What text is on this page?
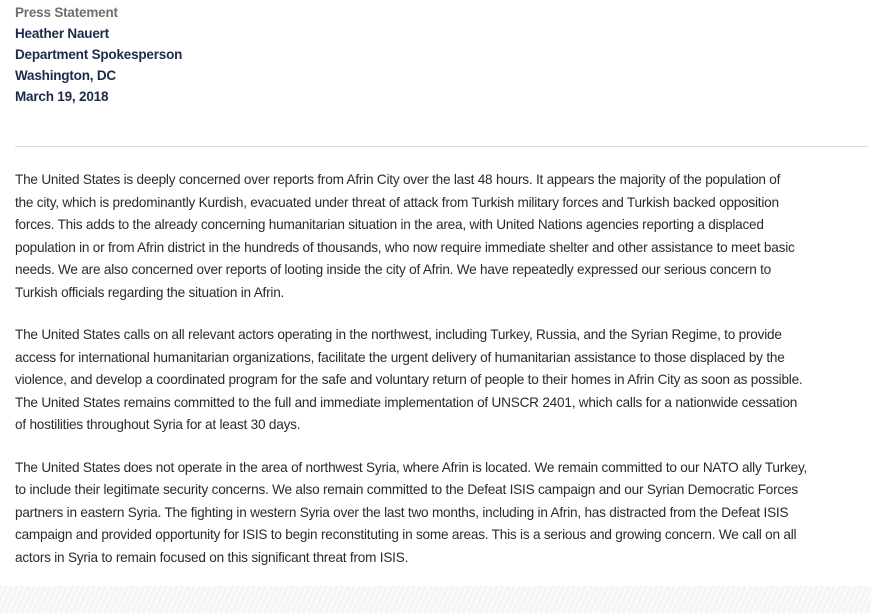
Press Statement
Heather Nauert
Department Spokesperson
Washington, DC
March 19, 2018

The United States is deeply concerned over reports from Afrin City over the last 48 hours. It appears the majority of the population of
the city, which is predominantly Kurdish, evacuated under threat of attack from Turkish military forces and Turkish backed opposition
forces. This adds to the already concerning humanitarian situation in the area, with United Nations agencies reporting a displaced
population in or from Afrin district in the hundreds of thousands, who now require immediate shelter and other assistance to meet basic
needs. We are also concerned over reports of looting inside the city of Afrin. We have repeatedly expressed our serious concern to
Turkish officials regarding the situation in Afrin.

The United States calls on all relevant actors operating in the northwest, including Turkey, Russia, and the Syrian Regime, to provide
access for international humanitarian organizations, facilitate the urgent delivery of humanitarian assistance to those displaced by the
violence, and develop a coordinated program for the safe and voluntary return of people to their homes in Afrin City as soon as possible.
The United States remains committed to the full and immediate implementation of UNSCR 2401, which calls for a nationwide cessation
of hostilities throughout Syria for at least 30 days.

The United States does not operate in the area of northwest Syria, where Afrin is located. We remain committed to our NATO ally Turkey,
to include their legitimate security concerns. We also remain committed to the Defeat ISIS campaign and our Syrian Democratic Forces
partners in eastern Syria. The fighting in western Syria over the last two months, including in Afrin, has distracted from the Defeat ISIS
campaign and provided opportunity for ISIS to begin reconstituting in some areas. This is a serious and growing concern. We call on all
actors in Syria to remain focused on this significant threat from ISIS.
